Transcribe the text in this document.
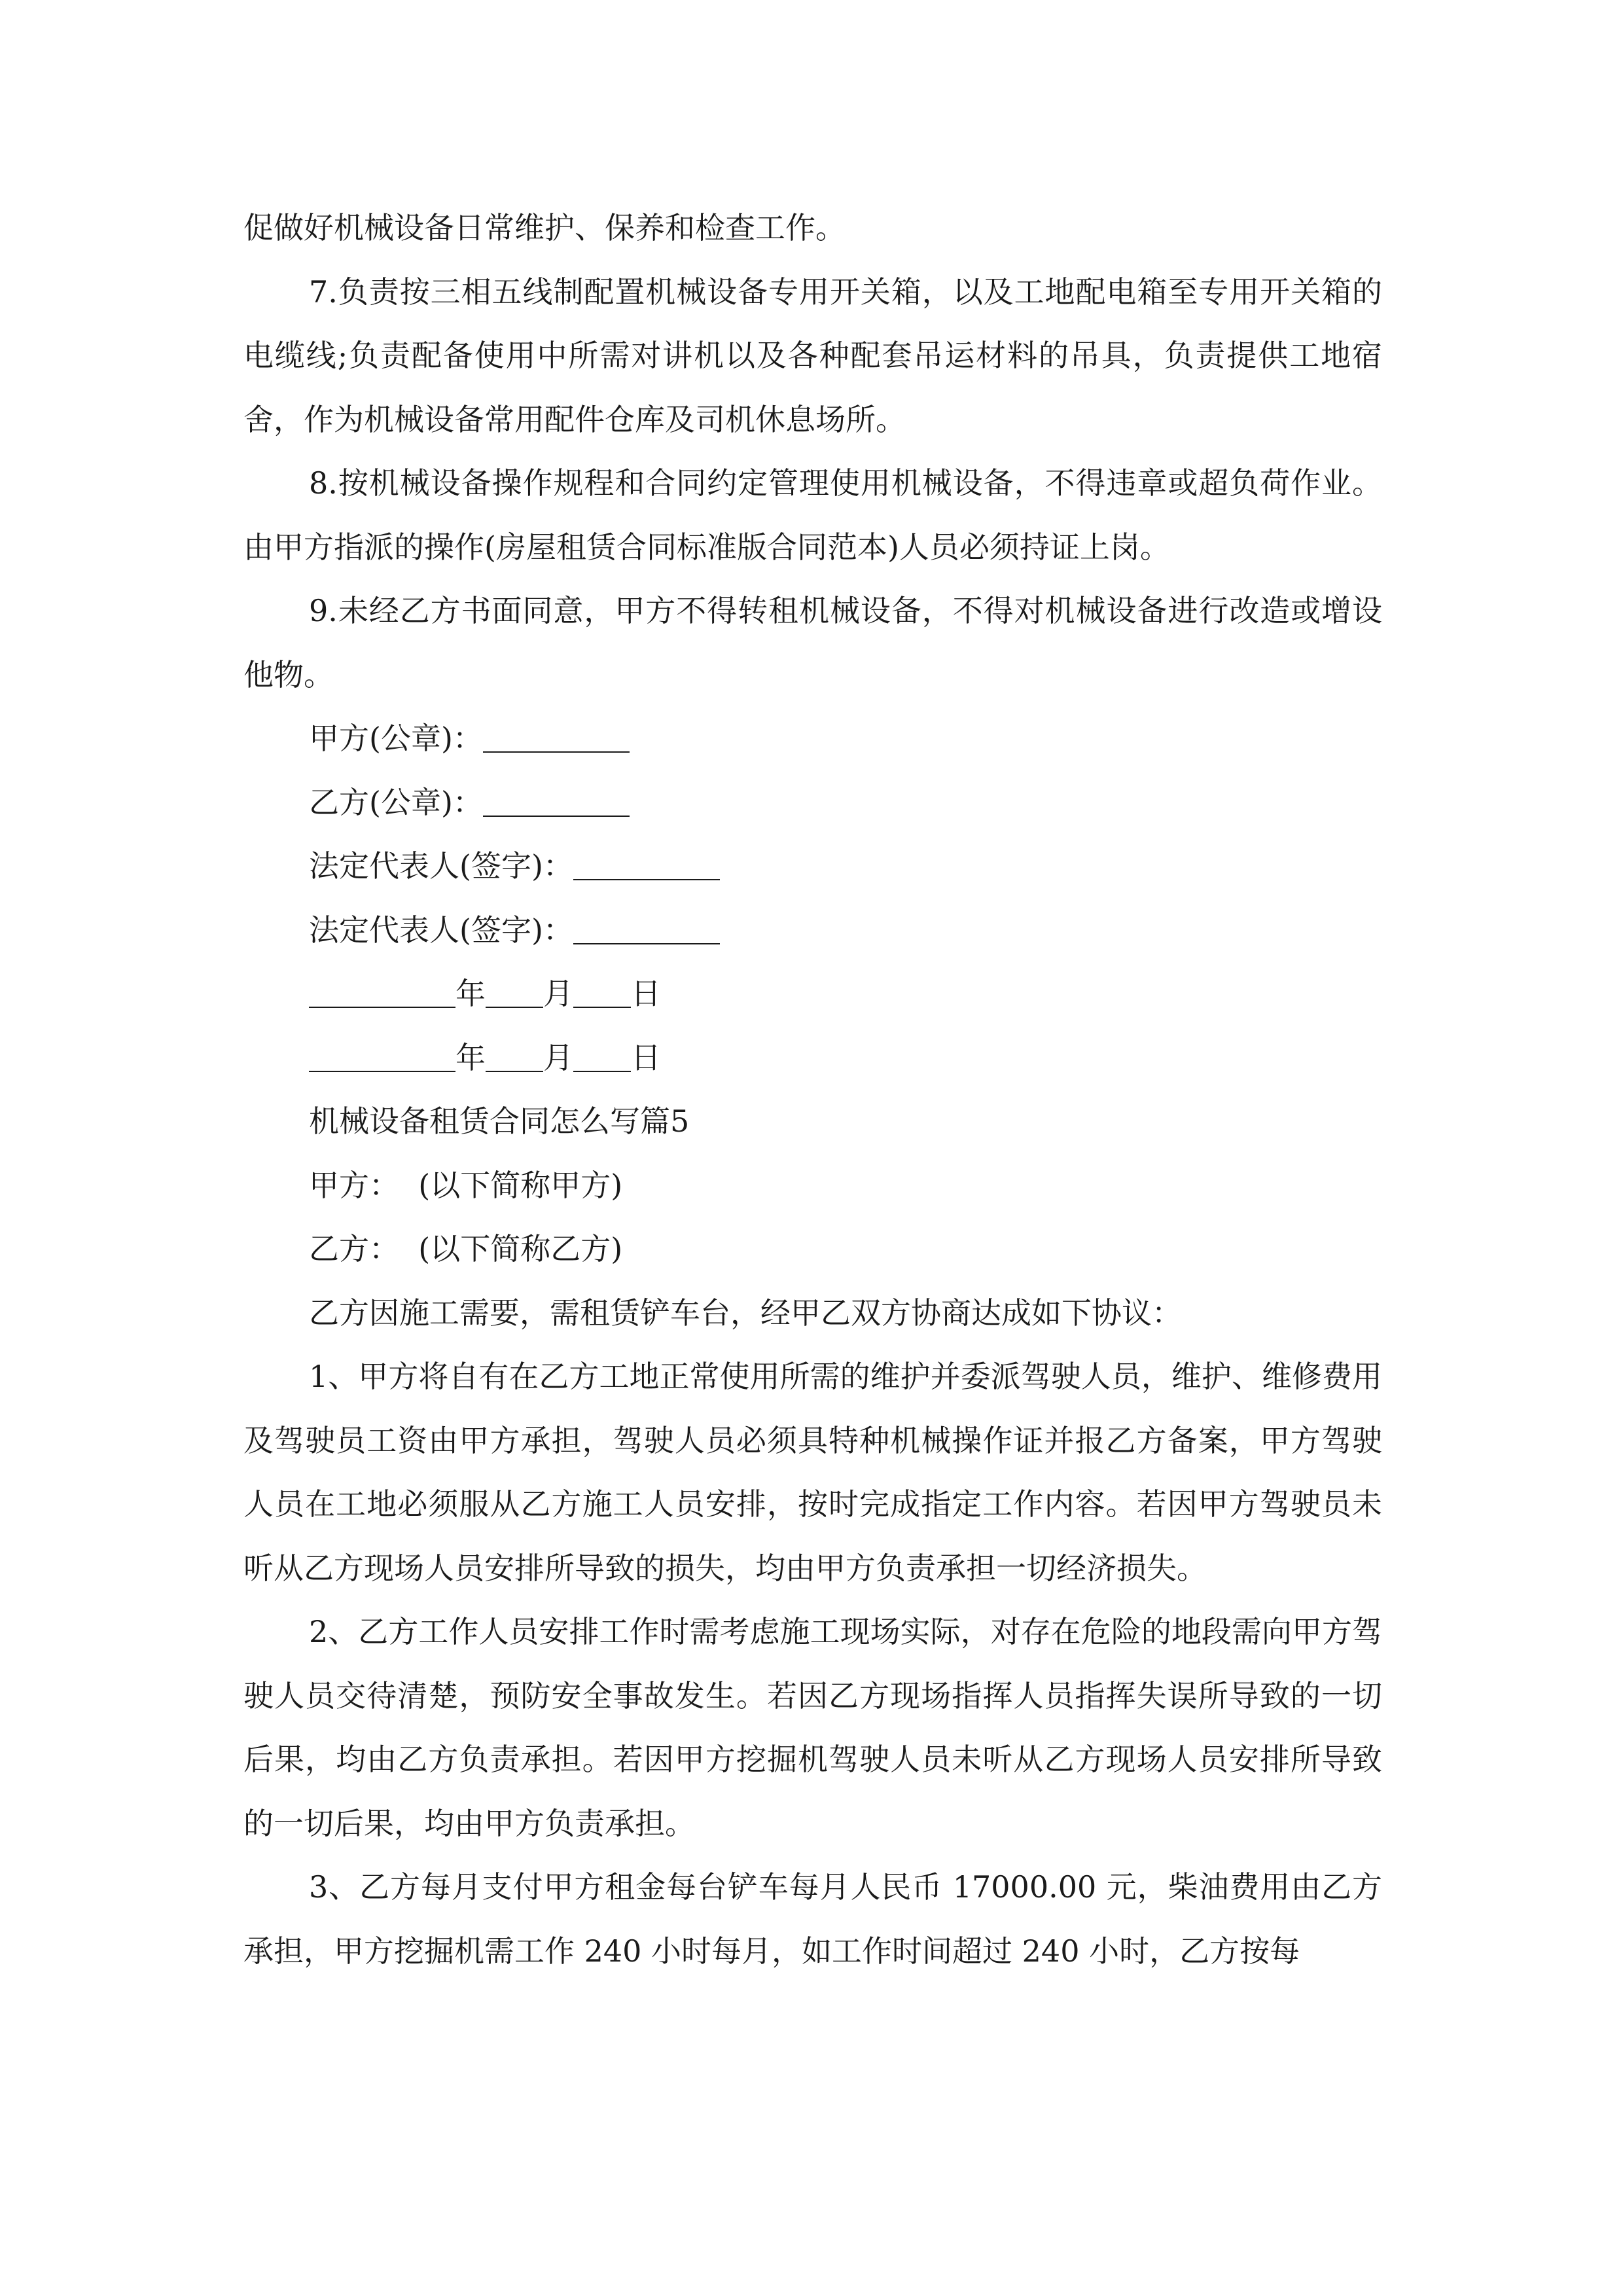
促做好机械设备日常维护、保养和检查工作。

7.负责按三相五线制配置机械设备专用开关箱，以及工地配电箱至专用开关箱的电缆线;负责配备使用中所需对讲机以及各种配套吊运材料的吊具，负责提供工地宿舍，作为机械设备常用配件仓库及司机休息场所。

8.按机械设备操作规程和合同约定管理使用机械设备，不得违章或超负荷作业。由甲方指派的操作(房屋租赁合同标准版合同范本)人员必须持证上岗。

9.未经乙方书面同意，甲方不得转租机械设备，不得对机械设备进行改造或增设他物。

甲方(公章)：

乙方(公章)：

法定代表人(签字)：

法定代表人(签字)：

年 月 日

年 月 日

机械设备租赁合同怎么写篇5

甲方：  (以下简称甲方)

乙方：  (以下简称乙方)

乙方因施工需要，需租赁铲车台，经甲乙双方协商达成如下协议：

1、甲方将自有在乙方工地正常使用所需的维护并委派驾驶人员，维护、维修费用及驾驶员工资由甲方承担，驾驶人员必须具特种机械操作证并报乙方备案，甲方驾驶人员在工地必须服从乙方施工人员安排，按时完成指定工作内容。若因甲方驾驶员未听从乙方现场人员安排所导致的损失，均由甲方负责承担一切经济损失。

2、乙方工作人员安排工作时需考虑施工现场实际，对存在危险的地段需向甲方驾驶人员交待清楚，预防安全事故发生。若因乙方现场指挥人员指挥失误所导致的一切后果，均由乙方负责承担。若因甲方挖掘机驾驶人员未听从乙方现场人员安排所导致的一切后果，均由甲方负责承担。

3、乙方每月支付甲方租金每台铲车每月人民币 17000.00 元，柴油费用由乙方承担，甲方挖掘机需工作 240 小时每月，如工作时间超过 240 小时，乙方按每
